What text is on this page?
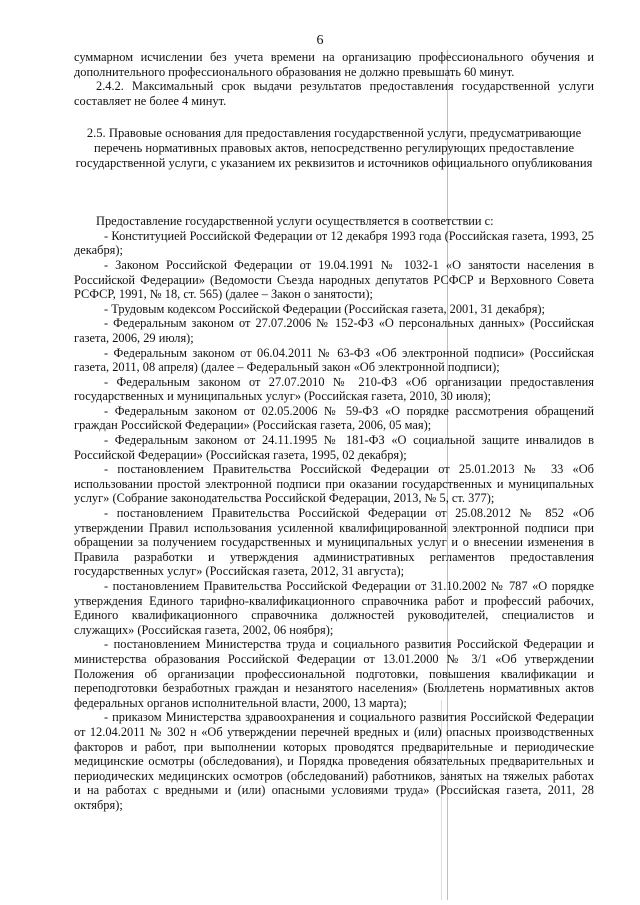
6

суммарном исчислении без учета времени на организацию профессионального обучения и дополнительного профессионального образования не должно превышать 60 минут.

2.4.2. Максимальный срок выдачи результатов предоставления государственной услуги составляет не более 4 минут.

2.5. Правовые основания для предоставления государственной услуги, предусматривающие перечень нормативных правовых актов, непосредственно регулирующих предоставление государственной услуги, с указанием их реквизитов и источников официального опубликования

Предоставление государственной услуги осуществляется в соответствии с:

- Конституцией Российской Федерации от 12 декабря 1993 года (Российская газета, 1993, 25 декабря);

- Законом Российской Федерации от 19.04.1991 № 1032-1 «О занятости населения в Российской Федерации» (Ведомости Съезда народных депутатов РСФСР и Верховного Совета РСФСР, 1991, № 18, ст. 565) (далее – Закон о занятости);

- Трудовым кодексом Российской Федерации (Российская газета, 2001, 31 декабря);

- Федеральным законом от 27.07.2006 № 152-ФЗ «О персональных данных» (Российская газета, 2006, 29 июля);

- Федеральным законом от 06.04.2011 № 63-ФЗ «Об электронной подписи» (Российская газета, 2011, 08 апреля) (далее – Федеральный закон «Об электронной подписи);

- Федеральным законом от 27.07.2010 № 210-ФЗ «Об организации предоставления государственных и муниципальных услуг» (Российская газета, 2010, 30 июля);

- Федеральным законом от 02.05.2006 № 59-ФЗ «О порядке рассмотрения обращений граждан Российской Федерации» (Российская газета, 2006, 05 мая);

- Федеральным законом от 24.11.1995 № 181-ФЗ «О социальной защите инвалидов в Российской Федерации» (Российская газета, 1995, 02 декабря);

- постановлением Правительства Российской Федерации от 25.01.2013 № 33 «Об использовании простой электронной подписи при оказании государственных и муниципальных услуг» (Собрание законодательства Российской Федерации, 2013, № 5, ст. 377);

- постановлением Правительства Российской Федерации от 25.08.2012 № 852 «Об утверждении Правил использования усиленной квалифицированной электронной подписи при обращении за получением государственных и муниципальных услуг и о внесении изменения в Правила разработки и утверждения административных регламентов предоставления государственных услуг» (Российская газета, 2012, 31 августа);

- постановлением Правительства Российской Федерации от 31.10.2002 № 787 «О порядке утверждения Единого тарифно-квалификационного справочника работ и профессий рабочих, Единого квалификационного справочника должностей руководителей, специалистов и служащих» (Российская газета, 2002, 06 ноября);

- постановлением Министерства труда и социального развития Российской Федерации и министерства образования Российской Федерации от 13.01.2000 № 3/1 «Об утверждении Положения об организации профессиональной подготовки, повышения квалификации и переподготовки безработных граждан и незанятого населения» (Бюллетень нормативных актов федеральных органов исполнительной власти, 2000, 13 марта);

- приказом Министерства здравоохранения и социального развития Российской Федерации от 12.04.2011 № 302 н «Об утверждении перечней вредных и (или) опасных производственных факторов и работ, при выполнении которых проводятся предварительные и периодические медицинские осмотры (обследования), и Порядка проведения обязательных предварительных и периодических медицинских осмотров (обследований) работников, занятых на тяжелых работах и на работах с вредными и (или) опасными условиями труда» (Российская газета, 2011, 28 октября);
